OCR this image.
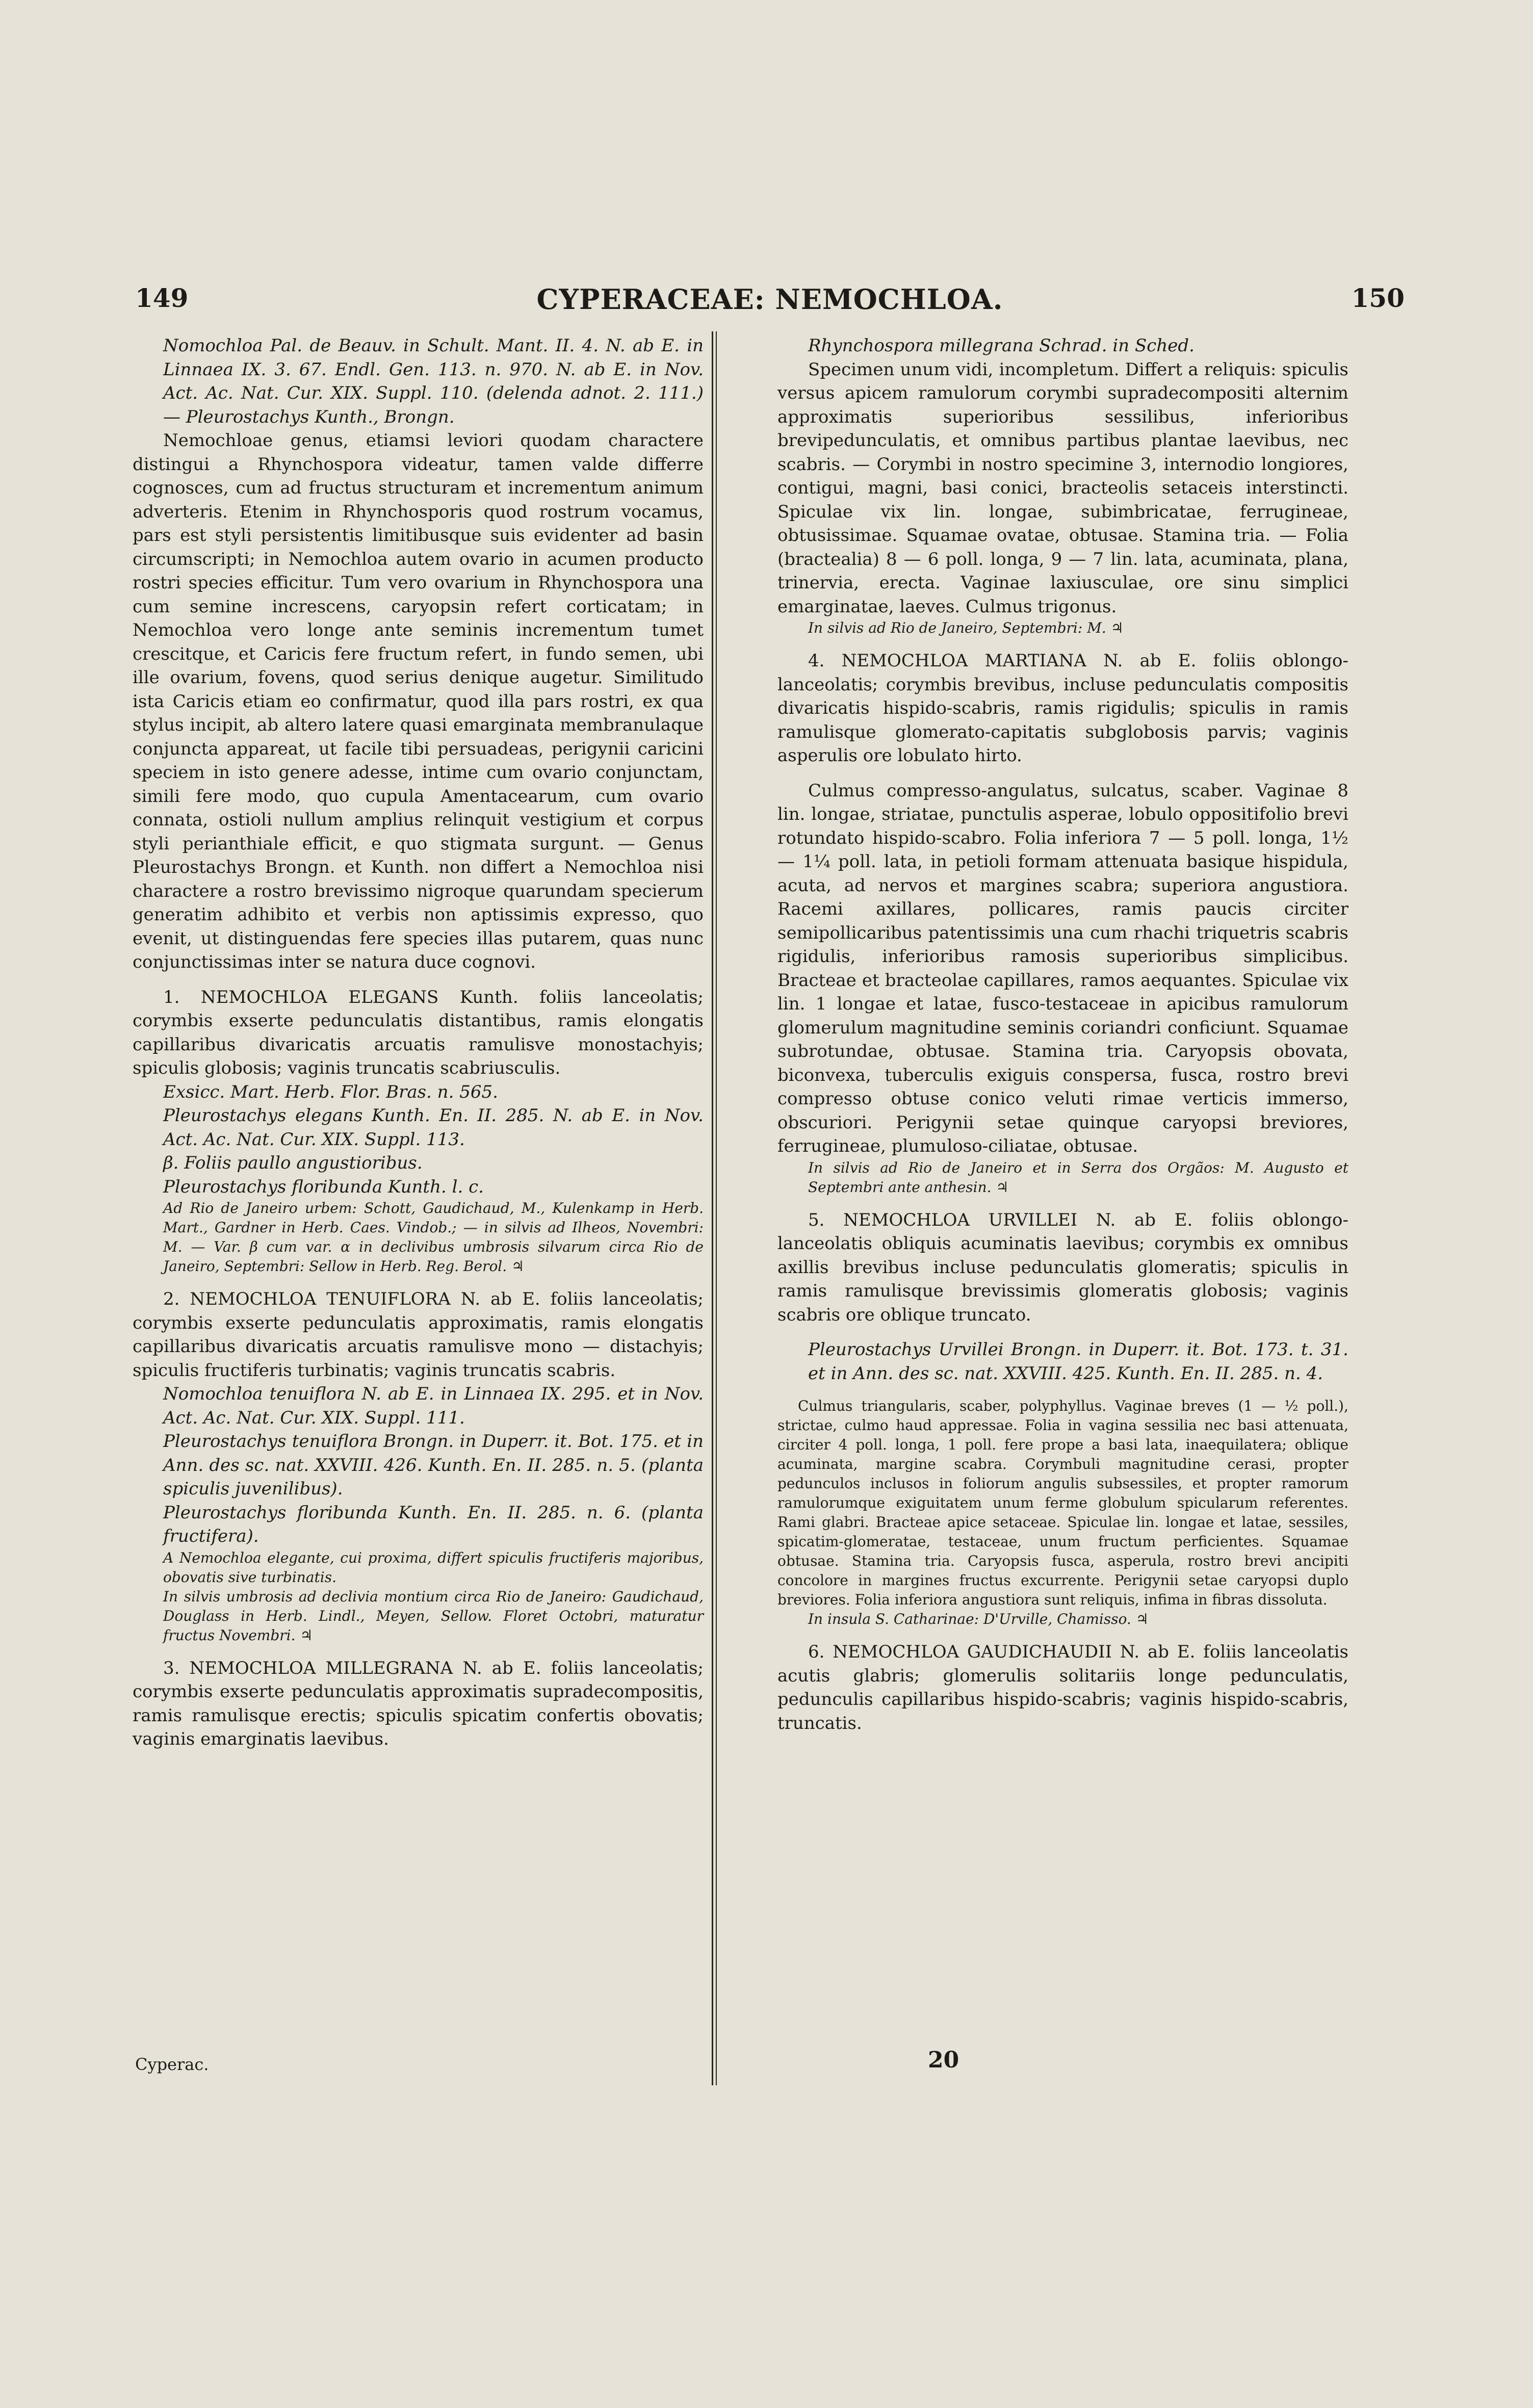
149	CYPERACEAE: NEMOCHLOA.	150

Nomochloa Pal. de Beauv. in Schult. Mant. II. 4. N. ab E. in Linnaea IX. 3. 67. Endl. Gen. 113. n. 970. N. ab E. in Nov. Act. Ac. Nat. Cur. XIX. Suppl. 110. (delenda adnot. 2. 111.) — Pleurostachys Kunth., Brongn.

Nemochloae genus, etiamsi leviori quodam charactere distingui a Rhynchospora videatur, tamen valde differre cognosces, cum ad fructus structuram et incrementum animum adverteris. Etenim in Rhynchosporis quod rostrum vocamus, pars est styli persistentis limitibusque suis evidenter ad basin circumscripti; in Nemochloa autem ovario in acumen producto rostri species efficitur. Tum vero ovarium in Rhynchospora una cum semine increscens, caryopsin refert corticatam; in Nemochloa vero longe ante seminis incrementum tumet crescitque, et Caricis fere fructum refert, in fundo semen, ubi ille ovarium, fovens, quod serius denique augetur. Similitudo ista Caricis etiam eo confirmatur, quod illa pars rostri, ex qua stylus incipit, ab altero latere quasi emarginata membranulaque conjuncta appareat, ut facile tibi persuadeas, perigynii caricini speciem in isto genere adesse, intime cum ovario conjunctam, simili fere modo, quo cupula Amentacearum, cum ovario connata, ostioli nullum amplius relinquit vestigium et corpus styli perianthiale efficit, e quo stigmata surgunt. — Genus Pleurostachys Brongn. et Kunth. non differt a Nemochloa nisi charactere a rostro brevissimo nigroque quarundam specierum generatim adhibito et verbis non aptissimis expresso, quo evenit, ut distinguendas fere species illas putarem, quas nunc conjunctissimas inter se natura duce cognovi.

1. NEMOCHLOA ELEGANS Kunth. foliis lanceolatis; corymbis exserte pedunculatis distantibus, ramis elongatis capillaribus divaricatis arcuatis ramulisve monostachyis; spiculis globosis; vaginis truncatis scabriusculis.

Exsicc. Mart. Herb. Flor. Bras. n. 565.

Pleurostachys elegans Kunth. En. II. 285. N. ab E. in Nov. Act. Ac. Nat. Cur. XIX. Suppl. 113.

β. Foliis paullo angustioribus.

Pleurostachys floribunda Kunth. l. c.

Ad Rio de Janeiro urbem: Schott, Gaudichaud, M., Kulenkamp in Herb. Mart., Gardner in Herb. Caes. Vindob.; — in silvis ad Ilheos, Novembri: M. — Var. β cum var. α in declivibus umbrosis silvarum circa Rio de Janeiro, Septembri: Sellow in Herb. Reg. Berol. ♃

2. NEMOCHLOA TENUIFLORA N. ab E. foliis lanceolatis; corymbis exserte pedunculatis approximatis, ramis elongatis capillaribus divaricatis arcuatis ramulisve mono — distachyis; spiculis fructiferis turbinatis; vaginis truncatis scabris.

Nomochloa tenuiflora N. ab E. in Linnaea IX. 295. et in Nov. Act. Ac. Nat. Cur. XIX. Suppl. 111.

Pleurostachys tenuiflora Brongn. in Duperr. it. Bot. 175. et in Ann. des sc. nat. XXVIII. 426. Kunth. En. II. 285. n. 5. (planta spiculis juvenilibus).

Pleurostachys floribunda Kunth. En. II. 285. n. 6. (planta fructifera).

A Nemochloa elegante, cui proxima, differt spiculis fructiferis majoribus, obovatis sive turbinatis.

In silvis umbrosis ad declivia montium circa Rio de Janeiro: Gaudichaud, Douglass in Herb. Lindl., Meyen, Sellow. Floret Octobri, maturatur fructus Novembri. ♃

3. NEMOCHLOA MILLEGRANA N. ab E. foliis lanceolatis; corymbis exserte pedunculatis approximatis supradecompositis, ramis ramulisque erectis; spiculis spicatim confertis obovatis; vaginis emarginatis laevibus.

Rhynchospora millegrana Schrad. in Sched.

Specimen unum vidi, incompletum. Differt a reliquis: spiculis versus apicem ramulorum corymbi supradecompositi alternim approximatis superioribus sessilibus, inferioribus brevipedunculatis, et omnibus partibus plantae laevibus, nec scabris. — Corymbi in nostro specimine 3, internodio longiores, contigui, magni, basi conici, bracteolis setaceis interstincti. Spiculae vix lin. longae, subimbricatae, ferrugineae, obtusissimae. Squamae ovatae, obtusae. Stamina tria. — Folia (bractealia) 8 — 6 poll. longa, 9 — 7 lin. lata, acuminata, plana, trinervia, erecta. Vaginae laxiusculae, ore sinu simplici emarginatae, laeves. Culmus trigonus.

In silvis ad Rio de Janeiro, Septembri: M. ♃

4. NEMOCHLOA MARTIANA N. ab E. foliis oblongo-lanceolatis; corymbis brevibus, incluse pedunculatis compositis divaricatis hispido-scabris, ramis rigidulis; spiculis in ramis ramulisque glomerato-capitatis subglobosis parvis; vaginis asperulis ore lobulato hirto.

Culmus compresso-angulatus, sulcatus, scaber. Vaginae 8 lin. longae, striatae, punctulis asperae, lobulo oppositifolio brevi rotundato hispido-scabro. Folia inferiora 7 — 5 poll. longa, 1½ — 1¼ poll. lata, in petioli formam attenuata basique hispidula, acuta, ad nervos et margines scabra; superiora angustiora. Racemi axillares, pollicares, ramis paucis circiter semipollicaribus patentissimis una cum rhachi triquetris scabris rigidulis, inferioribus ramosis superioribus simplicibus. Bracteae et bracteolae capillares, ramos aequantes. Spiculae vix lin. 1 longae et latae, fusco-testaceae in apicibus ramulorum glomerulum magnitudine seminis coriandri conficiunt. Squamae subrotundae, obtusae. Stamina tria. Caryopsis obovata, biconvexa, tuberculis exiguis conspersa, fusca, rostro brevi compresso obtuse conico veluti rimae verticis immerso, obscuriori. Perigynii setae quinque caryopsi breviores, ferrugineae, plumuloso-ciliatae, obtusae.

In silvis ad Rio de Janeiro et in Serra dos Orgãos: M. Augusto et Septembri ante anthesin. ♃

5. NEMOCHLOA URVILLEI N. ab E. foliis oblongo-lanceolatis obliquis acuminatis laevibus; corymbis ex omnibus axillis brevibus incluse pedunculatis glomeratis; spiculis in ramis ramulisque brevissimis glomeratis globosis; vaginis scabris ore oblique truncato.

Pleurostachys Urvillei Brongn. in Duperr. it. Bot. 173. t. 31. et in Ann. des sc. nat. XXVIII. 425. Kunth. En. II. 285. n. 4.

Culmus triangularis, scaber, polyphyllus. Vaginae breves (1 — ½ poll.), strictae, culmo haud appressae. Folia in vagina sessilia nec basi attenuata, circiter 4 poll. longa, 1 poll. fere prope a basi lata, inaequilatera; oblique acuminata, margine scabra. Corymbuli magnitudine cerasi, propter pedunculos inclusos in foliorum angulis subsessiles, et propter ramorum ramulorumque exiguitatem unum ferme globulum spicularum referentes. Rami glabri. Bracteae apice setaceae. Spiculae lin. longae et latae, sessiles, spicatim-glomeratae, testaceae, unum fructum perficientes. Squamae obtusae. Stamina tria. Caryopsis fusca, asperula, rostro brevi ancipiti concolore in margines fructus excurrente. Perigynii setae caryopsi duplo breviores. Folia inferiora angustiora sunt reliquis, infima in fibras dissoluta.

In insula S. Catharinae: D'Urville, Chamisso. ♃

6. NEMOCHLOA GAUDICHAUDII N. ab E. foliis lanceolatis acutis glabris; glomerulis solitariis longe pedunculatis, pedunculis capillaribus hispido-scabris; vaginis hispido-scabris, truncatis.

Cyperac.	20
